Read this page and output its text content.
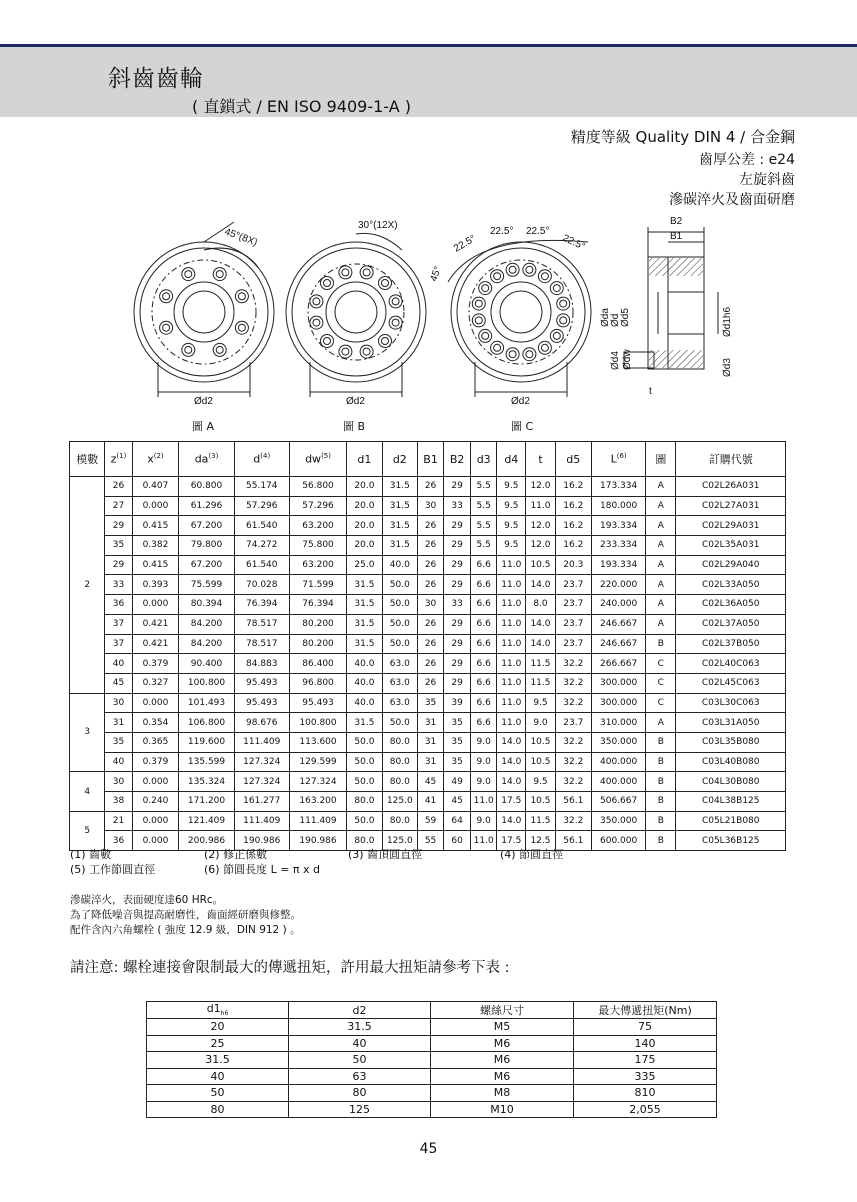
斜齒齒輪
( 直鎖式 / EN ISO 9409-1-A )
精度等級 Quality DIN 4 / 合金鋼
齒厚公差 : e24
左旋斜齒
滲碳淬火及齒面研磨
45°(8X)
30°(12X)
45°
22.5°
22.5° 22.5°
22.5°
Ød2	Ød2	Ød2
B2
B1
Øda Ød Ød5
Ød4 Ødw
Ød1h6
Ød3
t
圖 A	圖 B	圖 C
模數	$z^{(1)}$	$x^{(2)}$	$da^{(3)}$	$d^{(4)}$	$dw^{(5)}$	d1	d2	B1	B2	d3	d4	t	d5	$L^{(6)}$	圖	訂購代號
2	26	0.407	60.800	55.174	56.800	20.0	31.5	26	29	5.5	9.5	12.0	16.2	173.334	A	C02L26A031
	27	0.000	61.296	57.296	57.296	20.0	31.5	30	33	5.5	9.5	11.0	16.2	180.000	A	C02L27A031
	29	0.415	67.200	61.540	63.200	20.0	31.5	26	29	5.5	9.5	12.0	16.2	193.334	A	C02L29A031
	35	0.382	79.800	74.272	75.800	20.0	31.5	26	29	5.5	9.5	12.0	16.2	233.334	A	C02L35A031
	29	0.415	67.200	61.540	63.200	25.0	40.0	26	29	6.6	11.0	10.5	20.3	193.334	A	C02L29A040
	33	0.393	75.599	70.028	71.599	31.5	50.0	26	29	6.6	11.0	14.0	23.7	220.000	A	C02L33A050
	36	0.000	80.394	76.394	76.394	31.5	50.0	30	33	6.6	11.0	8.0	23.7	240.000	A	C02L36A050
	37	0.421	84.200	78.517	80.200	31.5	50.0	26	29	6.6	11.0	14.0	23.7	246.667	A	C02L37A050
	37	0.421	84.200	78.517	80.200	31.5	50.0	26	29	6.6	11.0	14.0	23.7	246.667	B	C02L37B050
	40	0.379	90.400	84.883	86.400	40.0	63.0	26	29	6.6	11.0	11.5	32.2	266.667	C	C02L40C063
	45	0.327	100.800	95.493	96.800	40.0	63.0	26	29	6.6	11.0	11.5	32.2	300.000	C	C02L45C063
3	30	0.000	101.493	95.493	95.493	40.0	63.0	35	39	6.6	11.0	9.5	32.2	300.000	C	C03L30C063
	31	0.354	106.800	98.676	100.800	31.5	50.0	31	35	6.6	11.0	9.0	23.7	310.000	A	C03L31A050
	35	0.365	119.600	111.409	113.600	50.0	80.0	31	35	9.0	14.0	10.5	32.2	350.000	B	C03L35B080
	40	0.379	135.599	127.324	129.599	50.0	80.0	31	35	9.0	14.0	10.5	32.2	400.000	B	C03L40B080
4	30	0.000	135.324	127.324	127.324	50.0	80.0	45	49	9.0	14.0	9.5	32.2	400.000	B	C04L30B080
	38	0.240	171.200	161.277	163.200	80.0	125.0	41	45	11.0	17.5	10.5	56.1	506.667	B	C04L38B125
5	21	0.000	121.409	111.409	111.409	50.0	80.0	59	64	9.0	14.0	11.5	32.2	350.000	B	C05L21B080
	36	0.000	200.986	190.986	190.986	80.0	125.0	55	60	11.0	17.5	12.5	56.1	600.000	B	C05L36B125
(1) 齒數	(2) 修正係數	(3) 齒頂圓直徑	(4) 節圓直徑
(5) 工作節圓直徑	(6) 節圓長度 L = π x d
滲碳淬火，表面硬度達60 HRc。
為了降低噪音與提高耐磨性，齒面經研磨與修整。
配件含內六角螺栓 ( 強度 12.9 級，DIN 912 ) 。
請注意: 螺栓連接會限制最大的傳遞扭矩，許用最大扭矩請參考下表 :
$d1_{h6}$	d2	螺絲尺寸	最大傳遞扭矩(Nm)
20	31.5	M5	75
25	40	M6	140
31.5	50	M6	175
40	63	M6	335
50	80	M8	810
80	125	M10	2,055
45
